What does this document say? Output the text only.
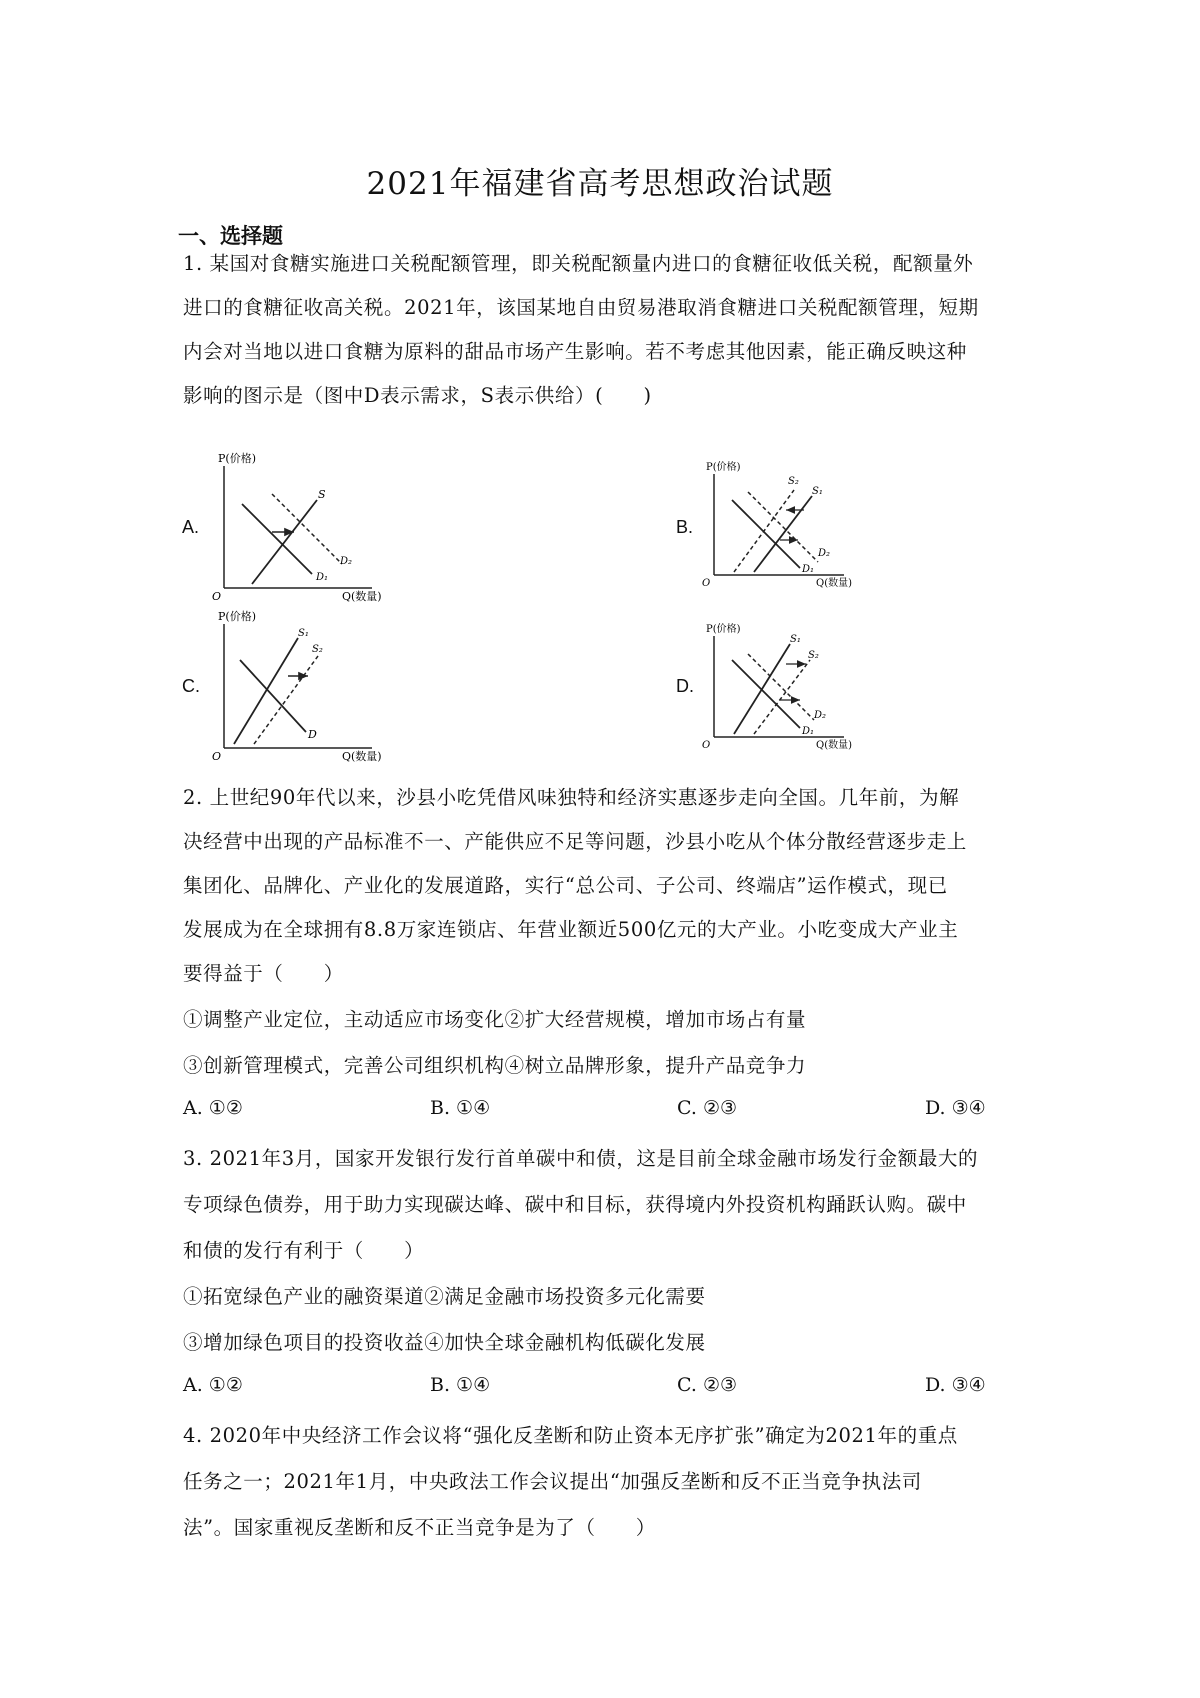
2021年福建省高考思想政治试题
一、选择题
1. 某国对食糖实施进口关税配额管理，即关税配额量内进口的食糖征收低关税，配额量外
进口的食糖征收高关税。2021年，该国某地自由贸易港取消食糖进口关税配额管理，短期
内会对当地以进口食糖为原料的甜品市场产生影响。若不考虑其他因素，能正确反映这种
影响的图示是（图中D表示需求，S表示供给）(　　)
A.	B.
C.	D.
P(价格)
O	Q(数量)
S
D₁
D₂
P(价格)
O	Q(数量)
S₂
S₁
D₁
D₂
P(价格)
O	Q(数量)
S₁
S₂
D
P(价格)
O	Q(数量)
S₁
S₂
D₁
D₂
2. 上世纪90年代以来，沙县小吃凭借风味独特和经济实惠逐步走向全国。几年前，为解
决经营中出现的产品标准不一、产能供应不足等问题，沙县小吃从个体分散经营逐步走上
集团化、品牌化、产业化的发展道路，实行“总公司、子公司、终端店”运作模式，现已
发展成为在全球拥有8.8万家连锁店、年营业额近500亿元的大产业。小吃变成大产业主
要得益于（　　）
①调整产业定位，主动适应市场变化②扩大经营规模，增加市场占有量
③创新管理模式，完善公司组织机构④树立品牌形象，提升产品竞争力
A. ①②	B. ①④	C. ②③	D. ③④
3. 2021年3月，国家开发银行发行首单碳中和债，这是目前全球金融市场发行金额最大的
专项绿色债券，用于助力实现碳达峰、碳中和目标，获得境内外投资机构踊跃认购。碳中
和债的发行有利于（　　）
①拓宽绿色产业的融资渠道②满足金融市场投资多元化需要
③增加绿色项目的投资收益④加快全球金融机构低碳化发展
A. ①②	B. ①④	C. ②③	D. ③④
4. 2020年中央经济工作会议将“强化反垄断和防止资本无序扩张”确定为2021年的重点
任务之一；2021年1月，中央政法工作会议提出“加强反垄断和反不正当竞争执法司
法”。国家重视反垄断和反不正当竞争是为了（　　）
